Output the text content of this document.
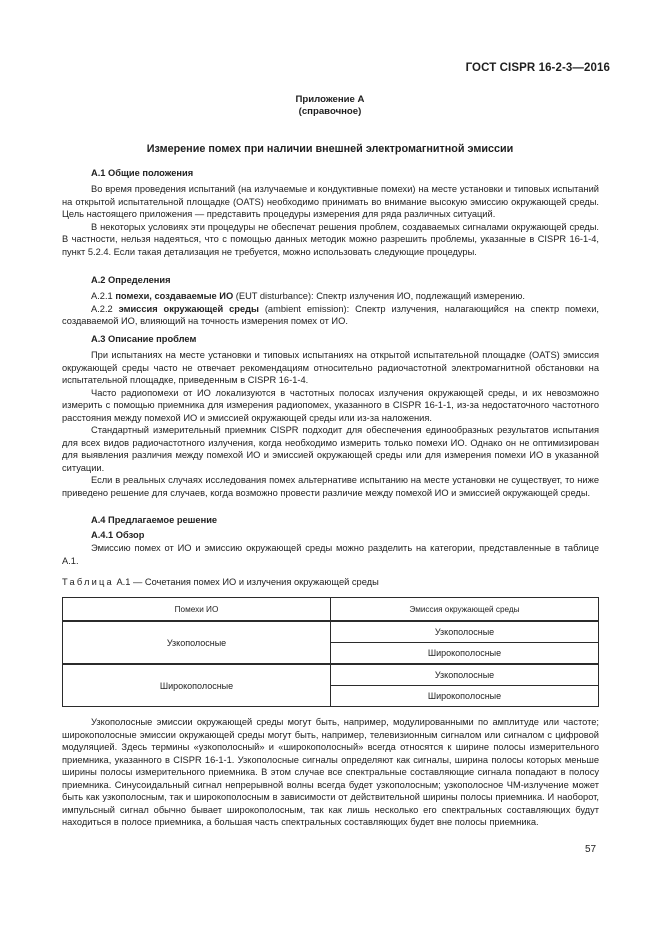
ГОСТ CISPR 16-2-3—2016
Приложение А
(справочное)
Измерение помех при наличии внешней электромагнитной эмиссии
А.1 Общие положения

Во время проведения испытаний (на излучаемые и кондуктивные помехи) на месте установки и типовых испытаний на открытой испытательной площадке (OATS) необходимо принимать во внимание высокую эмиссию окружающей среды. Цель настоящего приложения — представить процедуры измерения для ряда различных ситуаций.

В некоторых условиях эти процедуры не обеспечат решения проблем, создаваемых сигналами окружающей среды. В частности, нельзя надеяться, что с помощью данных методик можно разрешить проблемы, указанные в CISPR 16-1-4, пункт 5.2.4. Если такая детализация не требуется, можно использовать следующие процедуры.

А.2 Определения

А.2.1 помехи, создаваемые ИО (EUT disturbance): Спектр излучения ИО, подлежащий измерению.

А.2.2 эмиссия окружающей среды (ambient emission): Спектр излучения, налагающийся на спектр помехи, создаваемой ИО, влияющий на точность измерения помех от ИО.

А.3 Описание проблем

При испытаниях на месте установки и типовых испытаниях на открытой испытательной площадке (OATS) эмиссия окружающей среды часто не отвечает рекомендациям относительно радиочастотной электромагнитной обстановки на испытательной площадке, приведенным в CISPR 16-1-4.

Часто радиопомехи от ИО локализуются в частотных полосах излучения окружающей среды, и их невозможно измерить с помощью приемника для измерения радиопомех, указанного в CISPR 16-1-1, из-за недостаточного частотного расстояния между помехой ИО и эмиссией окружающей среды или из-за наложения.

Стандартный измерительный приемник CISPR подходит для обеспечения единообразных результатов испытания для всех видов радиочастотного излучения, когда необходимо измерить только помехи ИО. Однако он не оптимизирован для выявления различия между помехой ИО и эмиссией окружающей среды или для измерения помехи ИО в указанной ситуации.

Если в реальных случаях исследования помех альтернативе испытанию на месте установки не существует, то ниже приведено решение для случаев, когда возможно провести различие между помехой ИО и эмиссией окружающей среды.

А.4 Предлагаемое решение
А.4.1 Обзор

Эмиссию помех от ИО и эмиссию окружающей среды можно разделить на категории, представленные в таблице А.1.

Таблица А.1 — Сочетания помех ИО и излучения окружающей среды
Помехи ИО	Эмиссия окружающей среды
Узкополосные	Узкополосные
	Широкополосные
Широкополосные	Узкополосные
	Широкополосные

Узкополосные эмиссии окружающей среды могут быть, например, модулированными по амплитуде или частоте; широкополосные эмиссии окружающей среды могут быть, например, телевизионным сигналом или сигналом с цифровой модуляцией. Здесь термины «узкополосный» и «широкополосный» всегда относятся к ширине полосы измерительного приемника, указанного в CISPR 16-1-1. Узкополосные сигналы определяют как сигналы, ширина полосы которых меньше ширины полосы измерительного приемника. В этом случае все спектральные составляющие сигнала попадают в полосу приемника. Синусоидальный сигнал непрерывной волны всегда будет узкополосным; узкополосное ЧМ-излучение может быть как узкополосным, так и широкополосным в зависимости от действительной ширины полосы приемника. И наоборот, импульсный сигнал обычно бывает широкополосным, так как лишь несколько его спектральных составляющих будут находиться в полосе приемника, а большая часть спектральных составляющих будет вне полосы приемника.

57
